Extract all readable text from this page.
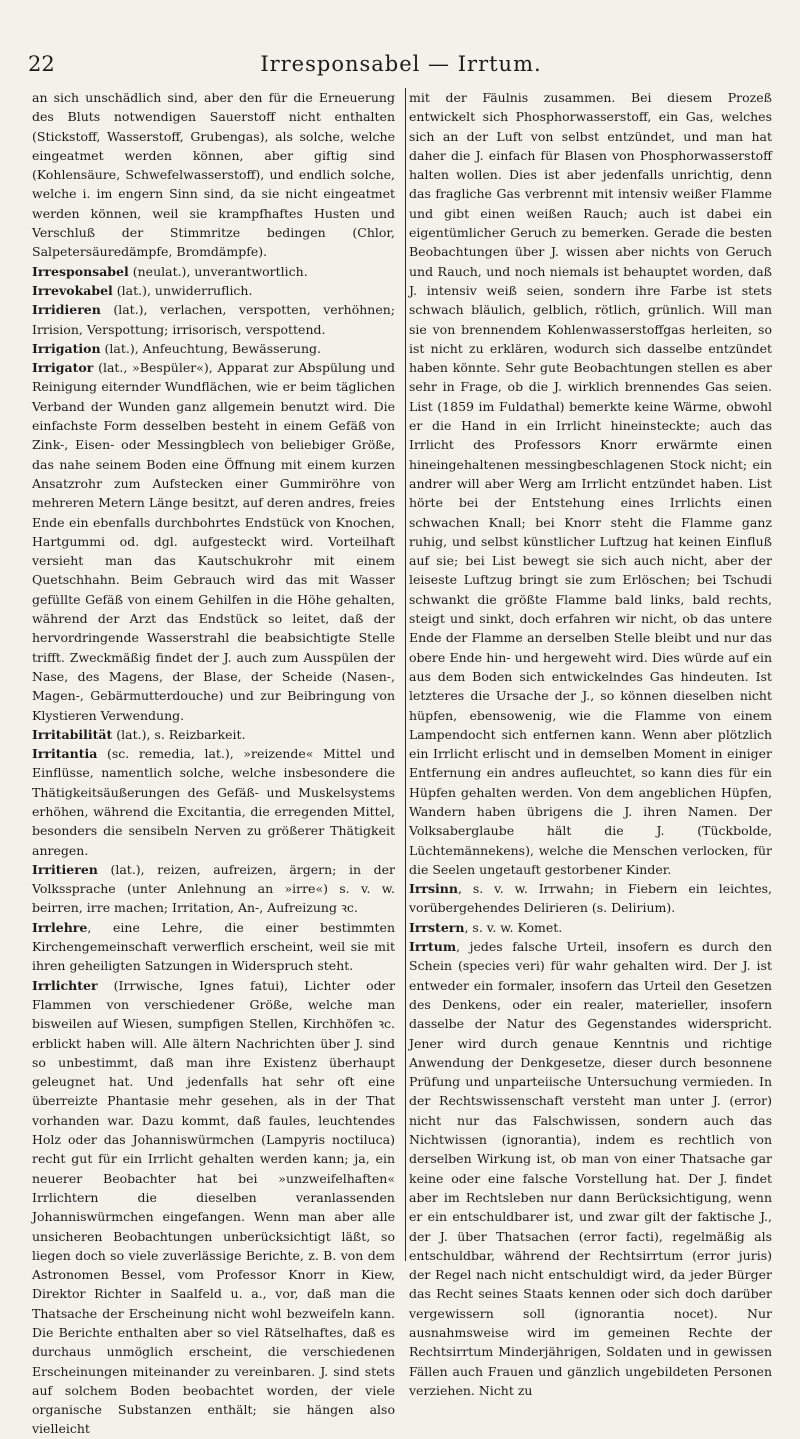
22	Irresponsabel — Irrtum.

an sich unschädlich sind, aber den für die Erneuerung des Bluts notwendigen Sauerstoff nicht enthalten (Stickstoff, Wasserstoff, Grubengas), als solche, welche eingeatmet werden können, aber giftig sind (Kohlensäure, Schwefelwasserstoff), und endlich solche, welche i. im engern Sinn sind, da sie nicht eingeatmet werden können, weil sie krampfhaftes Husten und Verschluß der Stimmritze bedingen (Chlor, Salpetersäuredämpfe, Bromdämpfe).

Irresponsabel (neulat.), unverantwortlich.

Irrevokabel (lat.), unwiderruflich.

Irridieren (lat.), verlachen, verspotten, verhöhnen; Irrision, Verspottung; irrisorisch, verspottend.

Irrigation (lat.), Anfeuchtung, Bewässerung.

Irrigator (lat., »Bespüler«), Apparat zur Abspülung und Reinigung eiternder Wundflächen, wie er beim täglichen Verband der Wunden ganz allgemein benutzt wird. Die einfachste Form desselben besteht in einem Gefäß von Zink-, Eisen- oder Messingblech von beliebiger Größe, das nahe seinem Boden eine Öffnung mit einem kurzen Ansatzrohr zum Aufstecken einer Gummiröhre von mehreren Metern Länge besitzt, auf deren andres, freies Ende ein ebenfalls durchbohrtes Endstück von Knochen, Hartgummi od. dgl. aufgesteckt wird. Vorteilhaft versieht man das Kautschukrohr mit einem Quetschhahn. Beim Gebrauch wird das mit Wasser gefüllte Gefäß von einem Gehilfen in die Höhe gehalten, während der Arzt das Endstück so leitet, daß der hervordringende Wasserstrahl die beabsichtigte Stelle trifft. Zweckmäßig findet der J. auch zum Ausspülen der Nase, des Magens, der Blase, der Scheide (Nasen-, Magen-, Gebärmutterdouche) und zur Beibringung von Klystieren Verwendung.

Irritabilität (lat.), s. Reizbarkeit.

Irritantia (sc. remedia, lat.), »reizende« Mittel und Einflüsse, namentlich solche, welche insbesondere die Thätigkeitsäußerungen des Gefäß- und Muskelsystems erhöhen, während die Excitantia, die erregenden Mittel, besonders die sensibeln Nerven zu größerer Thätigkeit anregen.

Irritieren (lat.), reizen, aufreizen, ärgern; in der Volkssprache (unter Anlehnung an »irre«) s. v. w. beirren, irre machen; Irritation, An-, Aufreizung ꝛc.

Irrlehre, eine Lehre, die einer bestimmten Kirchengemeinschaft verwerflich erscheint, weil sie mit ihren geheiligten Satzungen in Widerspruch steht.

Irrlichter (Irrwische, Ignes fatui), Lichter oder Flammen von verschiedener Größe, welche man bisweilen auf Wiesen, sumpfigen Stellen, Kirchhöfen ꝛc. erblickt haben will. Alle ältern Nachrichten über J. sind so unbestimmt, daß man ihre Existenz überhaupt geleugnet hat. Und jedenfalls hat sehr oft eine überreizte Phantasie mehr gesehen, als in der That vorhanden war. Dazu kommt, daß faules, leuchtendes Holz oder das Johanniswürmchen (Lampyris noctiluca) recht gut für ein Irrlicht gehalten werden kann; ja, ein neuerer Beobachter hat bei »unzweifelhaften« Irrlichtern die dieselben veranlassenden Johanniswürmchen eingefangen. Wenn man aber alle unsicheren Beobachtungen unberücksichtigt läßt, so liegen doch so viele zuverlässige Berichte, z. B. von dem Astronomen Bessel, vom Professor Knorr in Kiew, Direktor Richter in Saalfeld u. a., vor, daß man die Thatsache der Erscheinung nicht wohl bezweifeln kann. Die Berichte enthalten aber so viel Rätselhaftes, daß es durchaus unmöglich erscheint, die verschiedenen Erscheinungen miteinander zu vereinbaren. J. sind stets auf solchem Boden beobachtet worden, der viele organische Substanzen enthält; sie hängen also vielleicht

mit der Fäulnis zusammen. Bei diesem Prozeß entwickelt sich Phosphorwasserstoff, ein Gas, welches sich an der Luft von selbst entzündet, und man hat daher die J. einfach für Blasen von Phosphorwasserstoff halten wollen. Dies ist aber jedenfalls unrichtig, denn das fragliche Gas verbrennt mit intensiv weißer Flamme und gibt einen weißen Rauch; auch ist dabei ein eigentümlicher Geruch zu bemerken. Gerade die besten Beobachtungen über J. wissen aber nichts von Geruch und Rauch, und noch niemals ist behauptet worden, daß J. intensiv weiß seien, sondern ihre Farbe ist stets schwach bläulich, gelblich, rötlich, grünlich. Will man sie von brennendem Kohlenwasserstoffgas herleiten, so ist nicht zu erklären, wodurch sich dasselbe entzündet haben könnte. Sehr gute Beobachtungen stellen es aber sehr in Frage, ob die J. wirklich brennendes Gas seien. List (1859 im Fuldathal) bemerkte keine Wärme, obwohl er die Hand in ein Irrlicht hineinsteckte; auch das Irrlicht des Professors Knorr erwärmte einen hineingehaltenen messingbeschlagenen Stock nicht; ein andrer will aber Werg am Irrlicht entzündet haben. List hörte bei der Entstehung eines Irrlichts einen schwachen Knall; bei Knorr steht die Flamme ganz ruhig, und selbst künstlicher Luftzug hat keinen Einfluß auf sie; bei List bewegt sie sich auch nicht, aber der leiseste Luftzug bringt sie zum Erlöschen; bei Tschudi schwankt die größte Flamme bald links, bald rechts, steigt und sinkt, doch erfahren wir nicht, ob das untere Ende der Flamme an derselben Stelle bleibt und nur das obere Ende hin- und hergeweht wird. Dies würde auf ein aus dem Boden sich entwickelndes Gas hindeuten. Ist letzteres die Ursache der J., so können dieselben nicht hüpfen, ebensowenig, wie die Flamme von einem Lampendocht sich entfernen kann. Wenn aber plötzlich ein Irrlicht erlischt und in demselben Moment in einiger Entfernung ein andres aufleuchtet, so kann dies für ein Hüpfen gehalten werden. Von dem angeblichen Hüpfen, Wandern haben übrigens die J. ihren Namen. Der Volksaberglaube hält die J. (Tückbolde, Lüchtemännekens), welche die Menschen verlocken, für die Seelen ungetauft gestorbener Kinder.

Irrsinn, s. v. w. Irrwahn; in Fiebern ein leichtes, vorübergehendes Delirieren (s. Delirium).

Irrstern, s. v. w. Komet.

Irrtum, jedes falsche Urteil, insofern es durch den Schein (species veri) für wahr gehalten wird. Der J. ist entweder ein formaler, insofern das Urteil den Gesetzen des Denkens, oder ein realer, materieller, insofern dasselbe der Natur des Gegenstandes widerspricht. Jener wird durch genaue Kenntnis und richtige Anwendung der Denkgesetze, dieser durch besonnene Prüfung und unparteiische Untersuchung vermieden. In der Rechtswissenschaft versteht man unter J. (error) nicht nur das Falschwissen, sondern auch das Nichtwissen (ignorantia), indem es rechtlich von derselben Wirkung ist, ob man von einer Thatsache gar keine oder eine falsche Vorstellung hat. Der J. findet aber im Rechtsleben nur dann Berücksichtigung, wenn er ein entschuldbarer ist, und zwar gilt der faktische J., der J. über Thatsachen (error facti), regelmäßig als entschuldbar, während der Rechtsirrtum (error juris) der Regel nach nicht entschuldigt wird, da jeder Bürger das Recht seines Staats kennen oder sich doch darüber vergewissern soll (ignorantia nocet). Nur ausnahmsweise wird im gemeinen Rechte der Rechtsirrtum Minderjährigen, Soldaten und in gewissen Fällen auch Frauen und gänzlich ungebildeten Personen verziehen. Nicht zu
